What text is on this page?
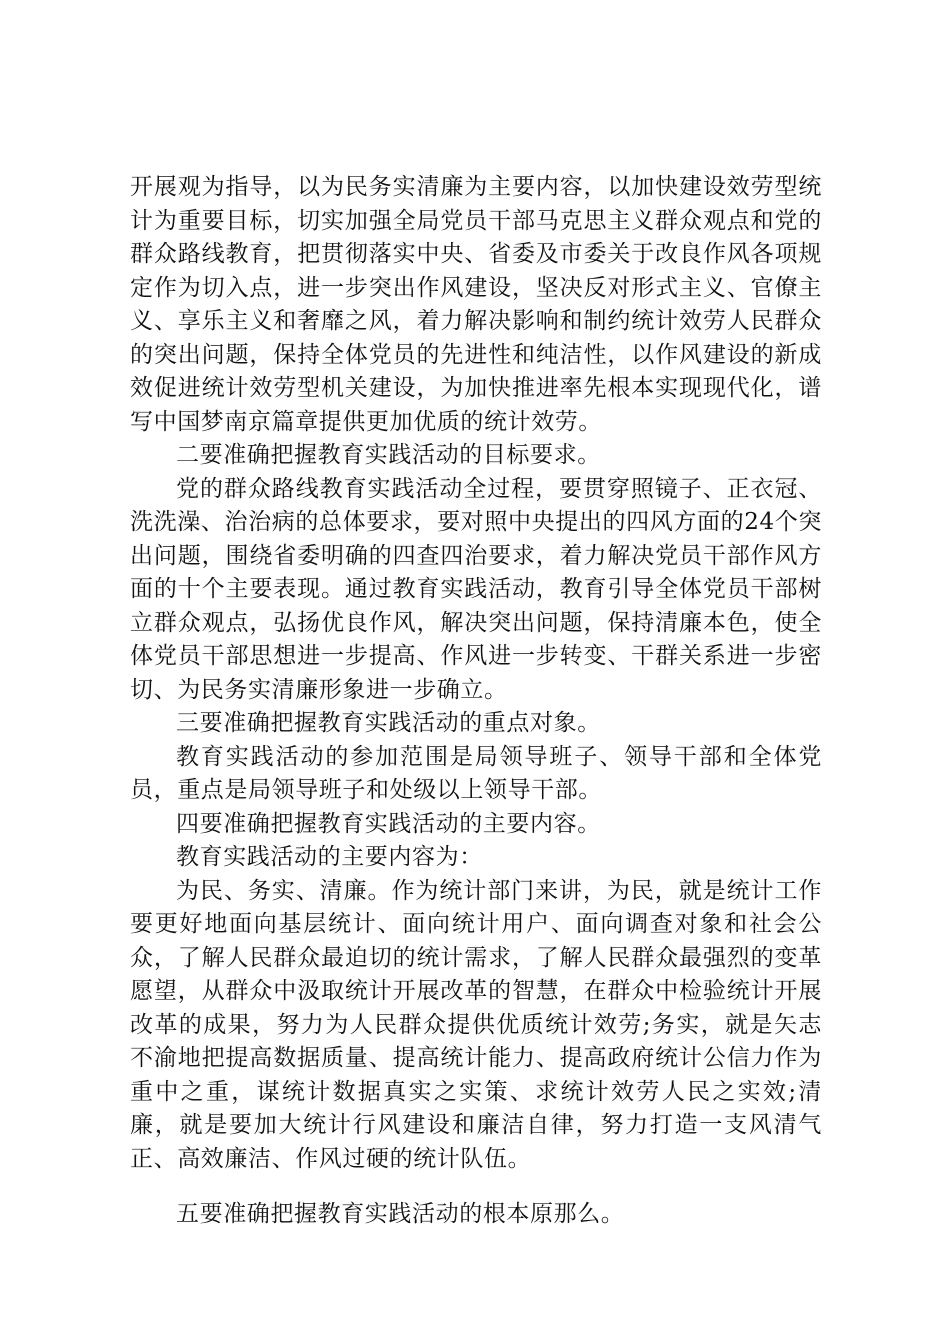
开展观为指导，以为民务实清廉为主要内容，以加快建设效劳型统计为重要目标，切实加强全局党员干部马克思主义群众观点和党的群众路线教育，把贯彻落实中央、省委及市委关于改良作风各项规定作为切入点，进一步突出作风建设，坚决反对形式主义、官僚主义、享乐主义和奢靡之风，着力解决影响和制约统计效劳人民群众的突出问题，保持全体党员的先进性和纯洁性，以作风建设的新成效促进统计效劳型机关建设，为加快推进率先根本实现现代化，谱写中国梦南京篇章提供更加优质的统计效劳。

二要准确把握教育实践活动的目标要求。

党的群众路线教育实践活动全过程，要贯穿照镜子、正衣冠、洗洗澡、治治病的总体要求，要对照中央提出的四风方面的24个突出问题，围绕省委明确的四查四治要求，着力解决党员干部作风方面的十个主要表现。通过教育实践活动，教育引导全体党员干部树立群众观点，弘扬优良作风，解决突出问题，保持清廉本色，使全体党员干部思想进一步提高、作风进一步转变、干群关系进一步密切、为民务实清廉形象进一步确立。

三要准确把握教育实践活动的重点对象。

教育实践活动的参加范围是局领导班子、领导干部和全体党员，重点是局领导班子和处级以上领导干部。

四要准确把握教育实践活动的主要内容。

教育实践活动的主要内容为：

为民、务实、清廉。作为统计部门来讲，为民，就是统计工作要更好地面向基层统计、面向统计用户、面向调查对象和社会公众，了解人民群众最迫切的统计需求，了解人民群众最强烈的变革愿望，从群众中汲取统计开展改革的智慧，在群众中检验统计开展改革的成果，努力为人民群众提供优质统计效劳;务实，就是矢志不渝地把提高数据质量、提高统计能力、提高政府统计公信力作为重中之重，谋统计数据真实之实策、求统计效劳人民之实效;清廉，就是要加大统计行风建设和廉洁自律，努力打造一支风清气正、高效廉洁、作风过硬的统计队伍。

五要准确把握教育实践活动的根本原那么。
